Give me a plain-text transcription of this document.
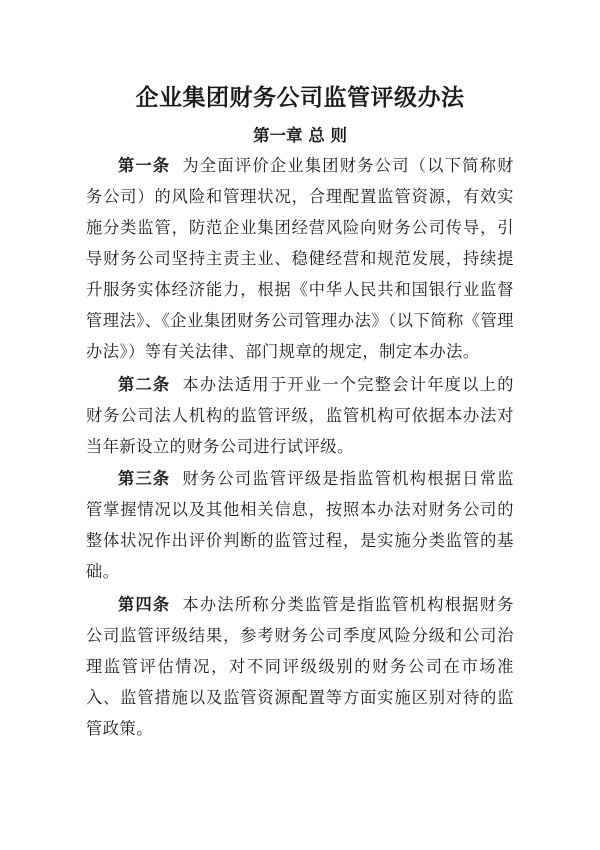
企业集团财务公司监管评级办法
第一章 总 则

第一条 为全面评价企业集团财务公司（以下简称财务公司）的风险和管理状况，合理配置监管资源，有效实施分类监管，防范企业集团经营风险向财务公司传导，引导财务公司坚持主责主业、稳健经营和规范发展，持续提升服务实体经济能力，根据《中华人民共和国银行业监督管理法》、《企业集团财务公司管理办法》（以下简称《管理办法》）等有关法律、部门规章的规定，制定本办法。

第二条 本办法适用于开业一个完整会计年度以上的财务公司法人机构的监管评级，监管机构可依据本办法对当年新设立的财务公司进行试评级。

第三条 财务公司监管评级是指监管机构根据日常监管掌握情况以及其他相关信息，按照本办法对财务公司的整体状况作出评价判断的监管过程，是实施分类监管的基础。

第四条 本办法所称分类监管是指监管机构根据财务公司监管评级结果，参考财务公司季度风险分级和公司治理监管评估情况，对不同评级级别的财务公司在市场准入、监管措施以及监管资源配置等方面实施区别对待的监管政策。
